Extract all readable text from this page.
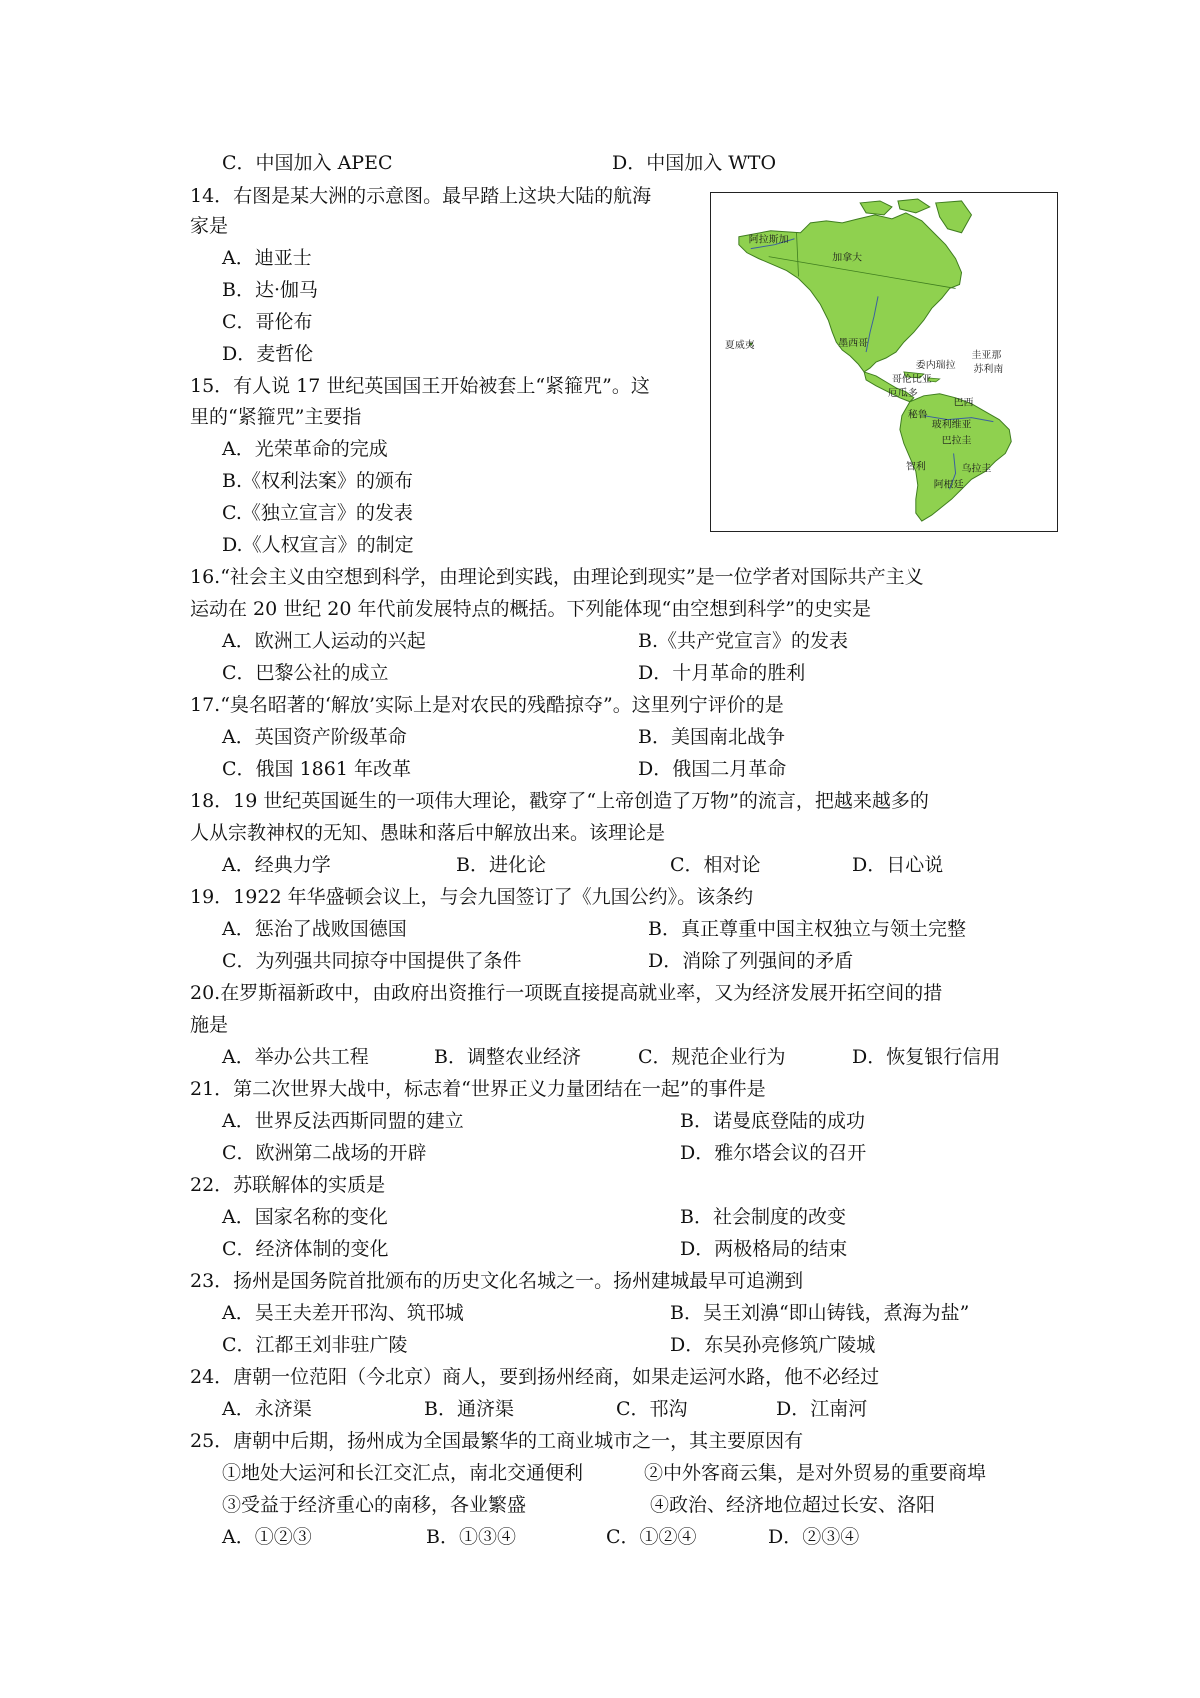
C．中国加入 APEC	D．中国加入 WTO
14．右图是某大洲的示意图。最早踏上这块大陆的航海
家是
A．迪亚士
B．达·伽马
C．哥伦布
D．麦哲伦
阿拉斯加
加拿大
夏威夷	墨西哥
委内瑞拉
圭亚那
苏利南
哥伦比亚
厄瓜多
巴西
秘鲁
玻利维亚
巴拉圭
智利	乌拉圭
阿根廷
15．有人说 17 世纪英国国王开始被套上“紧箍咒”。这
里的“紧箍咒”主要指
A．光荣革命的完成
B.《权利法案》的颁布
C.《独立宣言》的发表
D.《人权宣言》的制定
16.“社会主义由空想到科学，由理论到实践，由理论到现实”是一位学者对国际共产主义
运动在 20 世纪 20 年代前发展特点的概括。下列能体现“由空想到科学”的史实是
A．欧洲工人运动的兴起	B.《共产党宣言》的发表
C．巴黎公社的成立	D．十月革命的胜利
17.“臭名昭著的‘解放’实际上是对农民的残酷掠夺”。这里列宁评价的是
A．英国资产阶级革命	B．美国南北战争
C．俄国 1861 年改革	D．俄国二月革命
18．19 世纪英国诞生的一项伟大理论，戳穿了“上帝创造了万物”的流言，把越来越多的
人从宗教神权的无知、愚昧和落后中解放出来。该理论是
A．经典力学	B．进化论	C．相对论	D．日心说
19．1922 年华盛顿会议上，与会九国签订了《九国公约》。该条约
A．惩治了战败国德国	B．真正尊重中国主权独立与领土完整
C．为列强共同掠夺中国提供了条件	D．消除了列强间的矛盾
20.在罗斯福新政中，由政府出资推行一项既直接提高就业率，又为经济发展开拓空间的措
施是
A．举办公共工程	B．调整农业经济	C．规范企业行为	D．恢复银行信用
21．第二次世界大战中，标志着“世界正义力量团结在一起”的事件是
A．世界反法西斯同盟的建立	B．诺曼底登陆的成功
C．欧洲第二战场的开辟	D．雅尔塔会议的召开
22．苏联解体的实质是
A．国家名称的变化	B．社会制度的改变
C．经济体制的变化	D．两极格局的结束
23．扬州是国务院首批颁布的历史文化名城之一。扬州建城最早可追溯到
A．吴王夫差开邗沟、筑邗城	B．吴王刘濞“即山铸钱，煮海为盐”
C．江都王刘非驻广陵	D．东吴孙亮修筑广陵城
24．唐朝一位范阳（今北京）商人，要到扬州经商，如果走运河水路，他不必经过
A．永济渠	B．通济渠	C．邗沟	D．江南河
25．唐朝中后期，扬州成为全国最繁华的工商业城市之一，其主要原因有
①地处大运河和长江交汇点，南北交通便利	②中外客商云集，是对外贸易的重要商埠
③受益于经济重心的南移，各业繁盛	④政治、经济地位超过长安、洛阳
A．①②③	B．①③④	C．①②④	D．②③④
